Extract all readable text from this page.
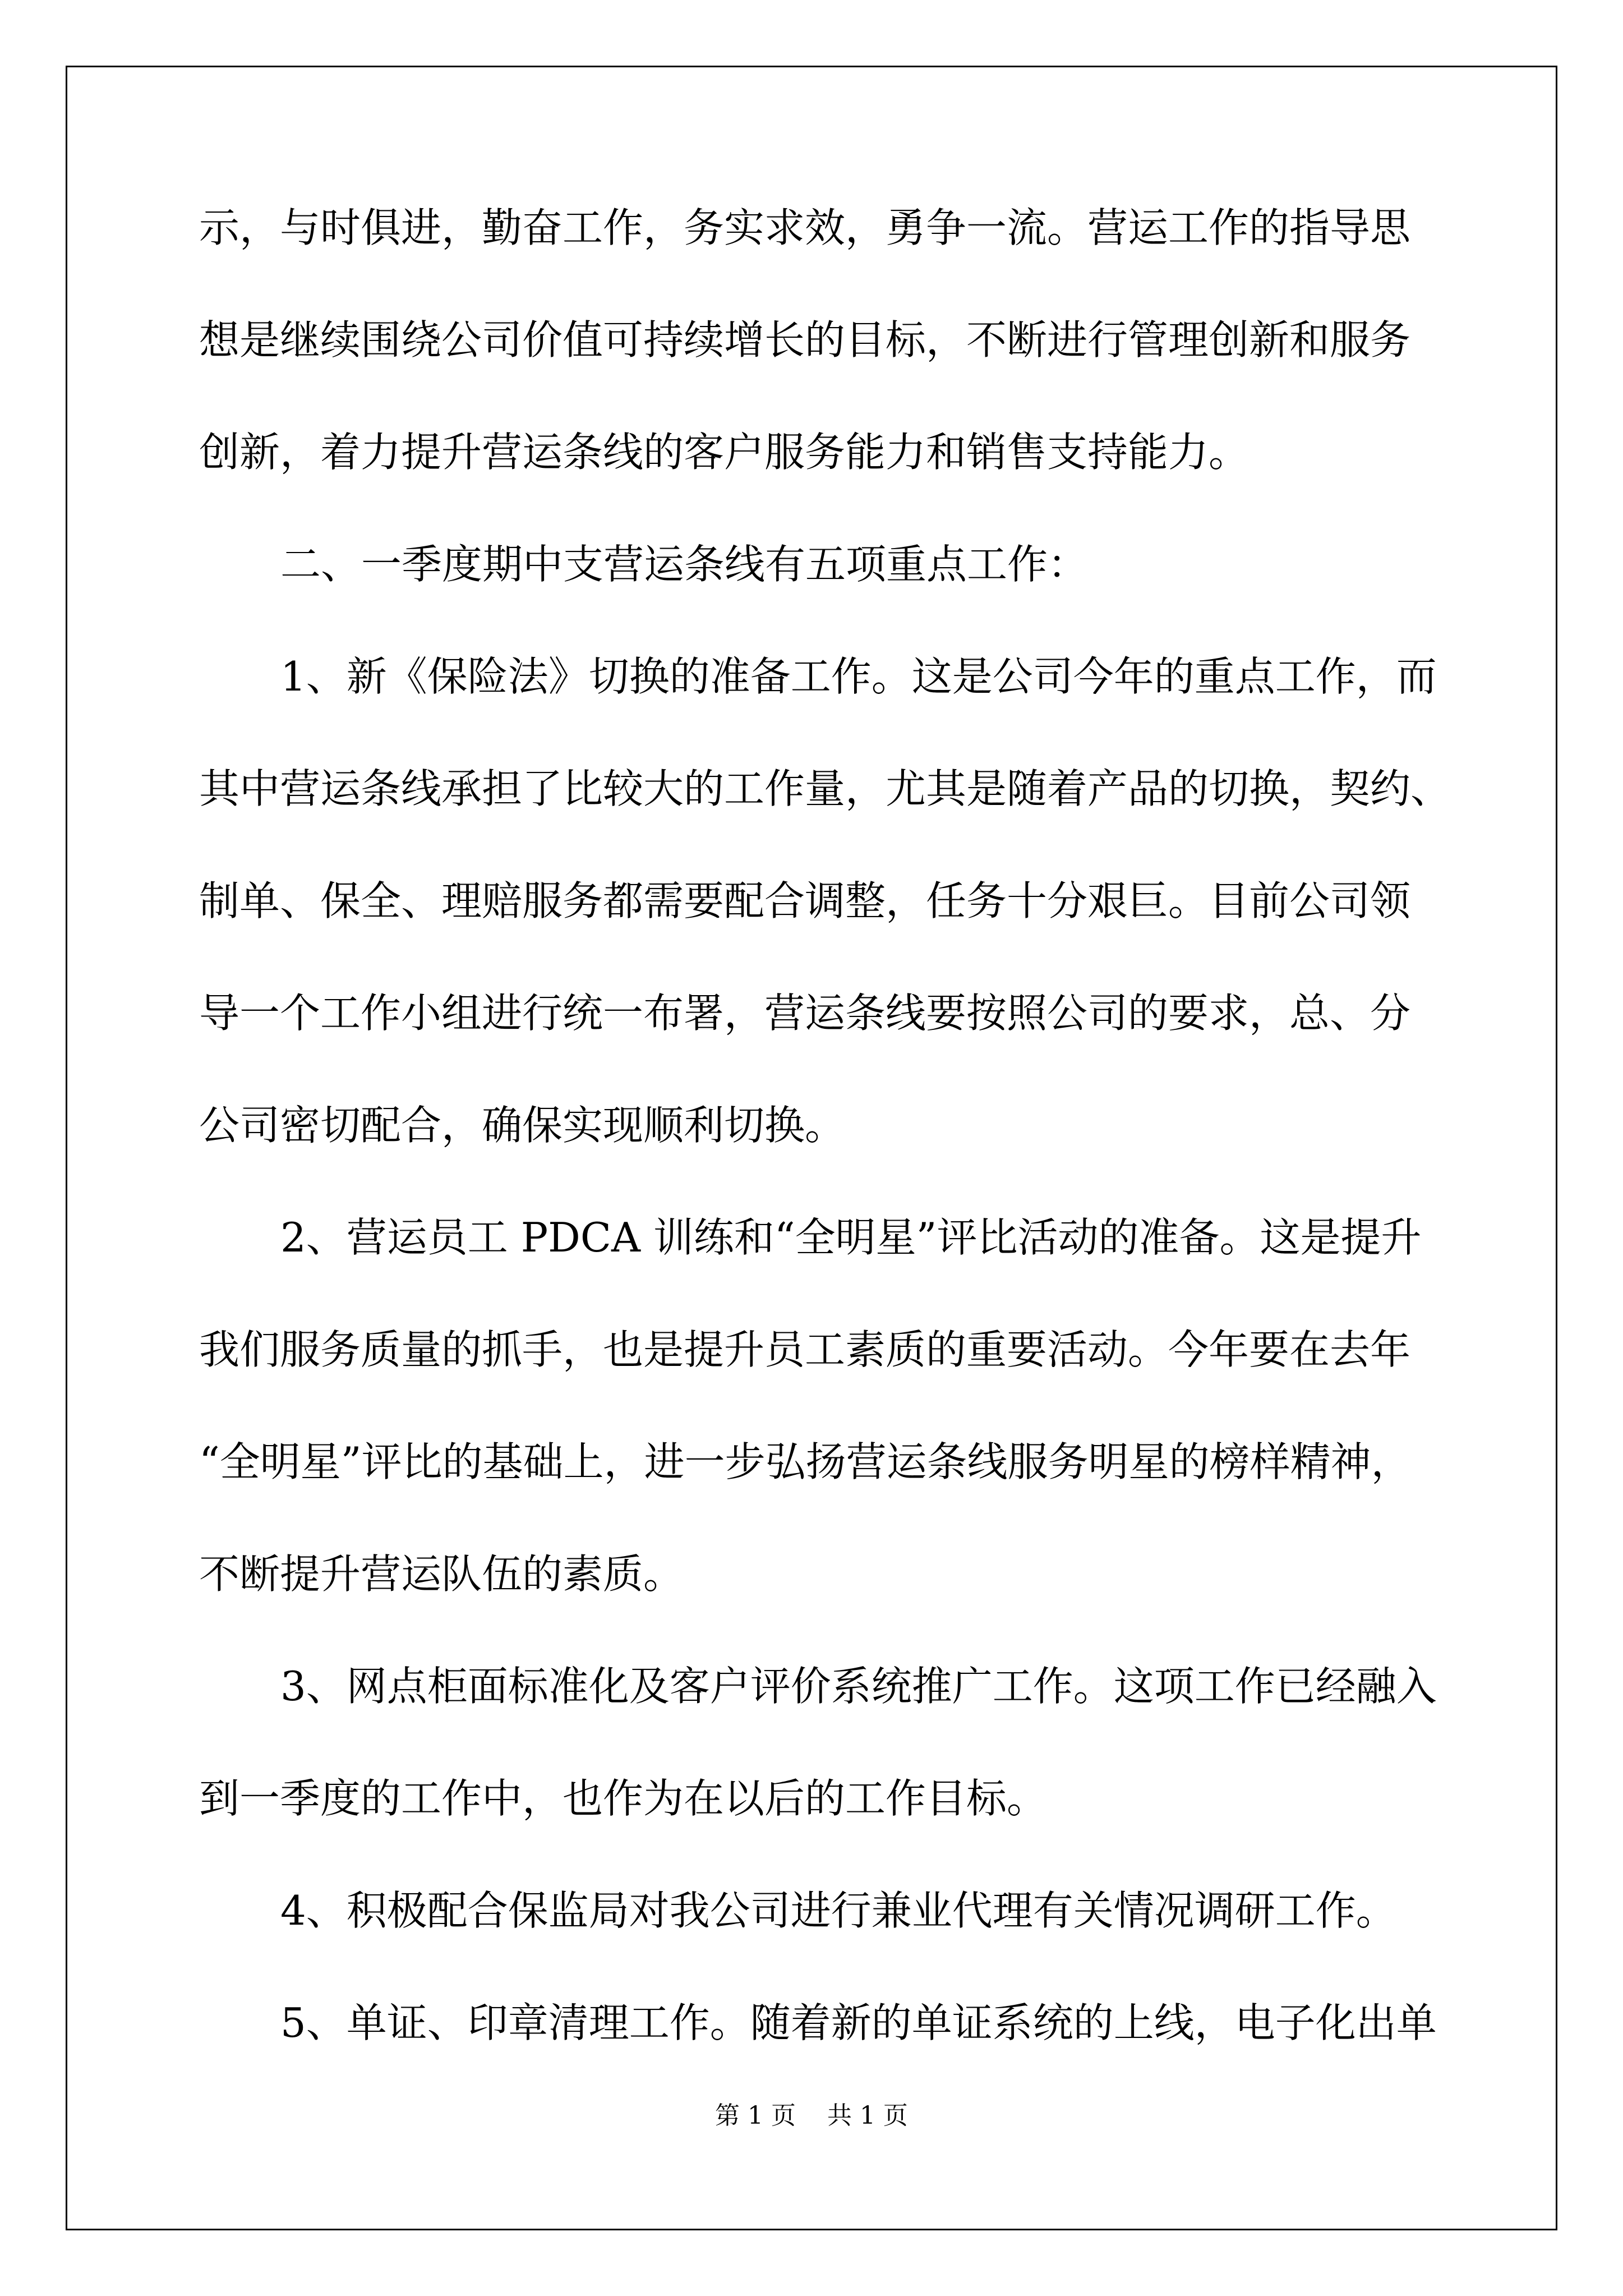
示，与时俱进，勤奋工作，务实求效，勇争一流。营运工作的指导思
想是继续围绕公司价值可持续增长的目标，不断进行管理创新和服务
创新，着力提升营运条线的客户服务能力和销售支持能力。
二、一季度期中支营运条线有五项重点工作：
1、新《保险法》切换的准备工作。这是公司今年的重点工作，而
其中营运条线承担了比较大的工作量，尤其是随着产品的切换，契约、
制单、保全、理赔服务都需要配合调整，任务十分艰巨。目前公司领
导一个工作小组进行统一布署，营运条线要按照公司的要求，总、分
公司密切配合，确保实现顺利切换。
2、营运员工 PDCA 训练和“全明星”评比活动的准备。这是提升
我们服务质量的抓手，也是提升员工素质的重要活动。今年要在去年
“全明星”评比的基础上，进一步弘扬营运条线服务明星的榜样精神，
不断提升营运队伍的素质。
3、网点柜面标准化及客户评价系统推广工作。这项工作已经融入
到一季度的工作中，也作为在以后的工作目标。
4、积极配合保监局对我公司进行兼业代理有关情况调研工作。
5、单证、印章清理工作。随着新的单证系统的上线，电子化出单
第 1 页    共 1 页
